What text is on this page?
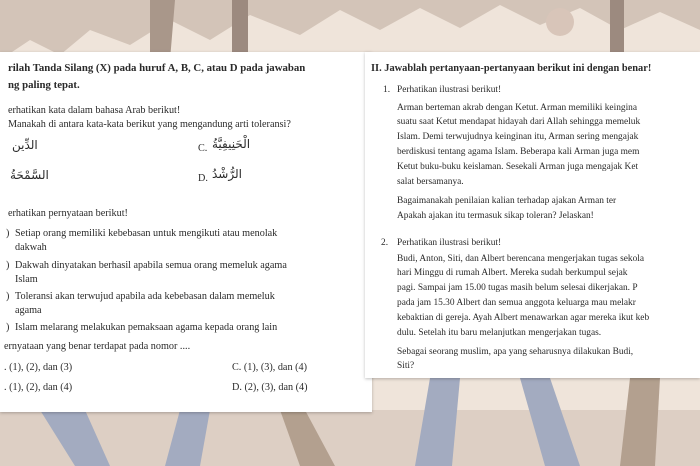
rilah Tanda Silang (X) pada huruf A, B, C, atau D pada jawaban
ng paling tepat.
erhatikan kata dalam bahasa Arab berikut!
Manakah di antara kata-kata berikut yang mengandung arti toleransi?
الدِّين	C. الْحَنِيفِيَّةُ
السَّمْحَةُ	D. الرُّشْدُ
erhatikan pernyataan berikut!
) Setiap orang memiliki kebebasan untuk mengikuti atau menolak
dakwah
) Dakwah dinyatakan berhasil apabila semua orang memeluk agama
Islam
) Toleransi akan terwujud apabila ada kebebasan dalam memeluk
agama
) Islam melarang melakukan pemaksaan agama kepada orang lain
ernyataan yang benar terdapat pada nomor ....
. (1), (2), dan (3)	C. (1), (3), dan (4)
. (1), (2), dan (4)	D. (2), (3), dan (4)
II. Jawablah pertanyaan-pertanyaan berikut ini dengan benar!
1. Perhatikan ilustrasi berikut!
Arman berteman akrab dengan Ketut. Arman memiliki keingina
suatu saat Ketut mendapat hidayah dari Allah sehingga memeluk
Islam. Demi terwujudnya keinginan itu, Arman sering mengajak
berdiskusi tentang agama Islam. Beberapa kali Arman juga mem
Ketut buku-buku keislaman. Sesekali Arman juga mengajak Ket
salat bersamanya.
Bagaimanakah penilaian kalian terhadap ajakan Arman ter
Apakah ajakan itu termasuk sikap toleran? Jelaskan!
2. Perhatikan ilustrasi berikut!
Budi, Anton, Siti, dan Albert berencana mengerjakan tugas sekola
hari Minggu di rumah Albert. Mereka sudah berkumpul sejak
pagi. Sampai jam 15.00 tugas masih belum selesai dikerjakan. P
pada jam 15.30 Albert dan semua anggota keluarga mau melakr
kebaktian di gereja. Ayah Albert menawarkan agar mereka ikut keb
dulu. Setelah itu baru melanjutkan mengerjakan tugas.
Sebagai seorang muslim, apa yang seharusnya dilakukan Budi,
Siti?
